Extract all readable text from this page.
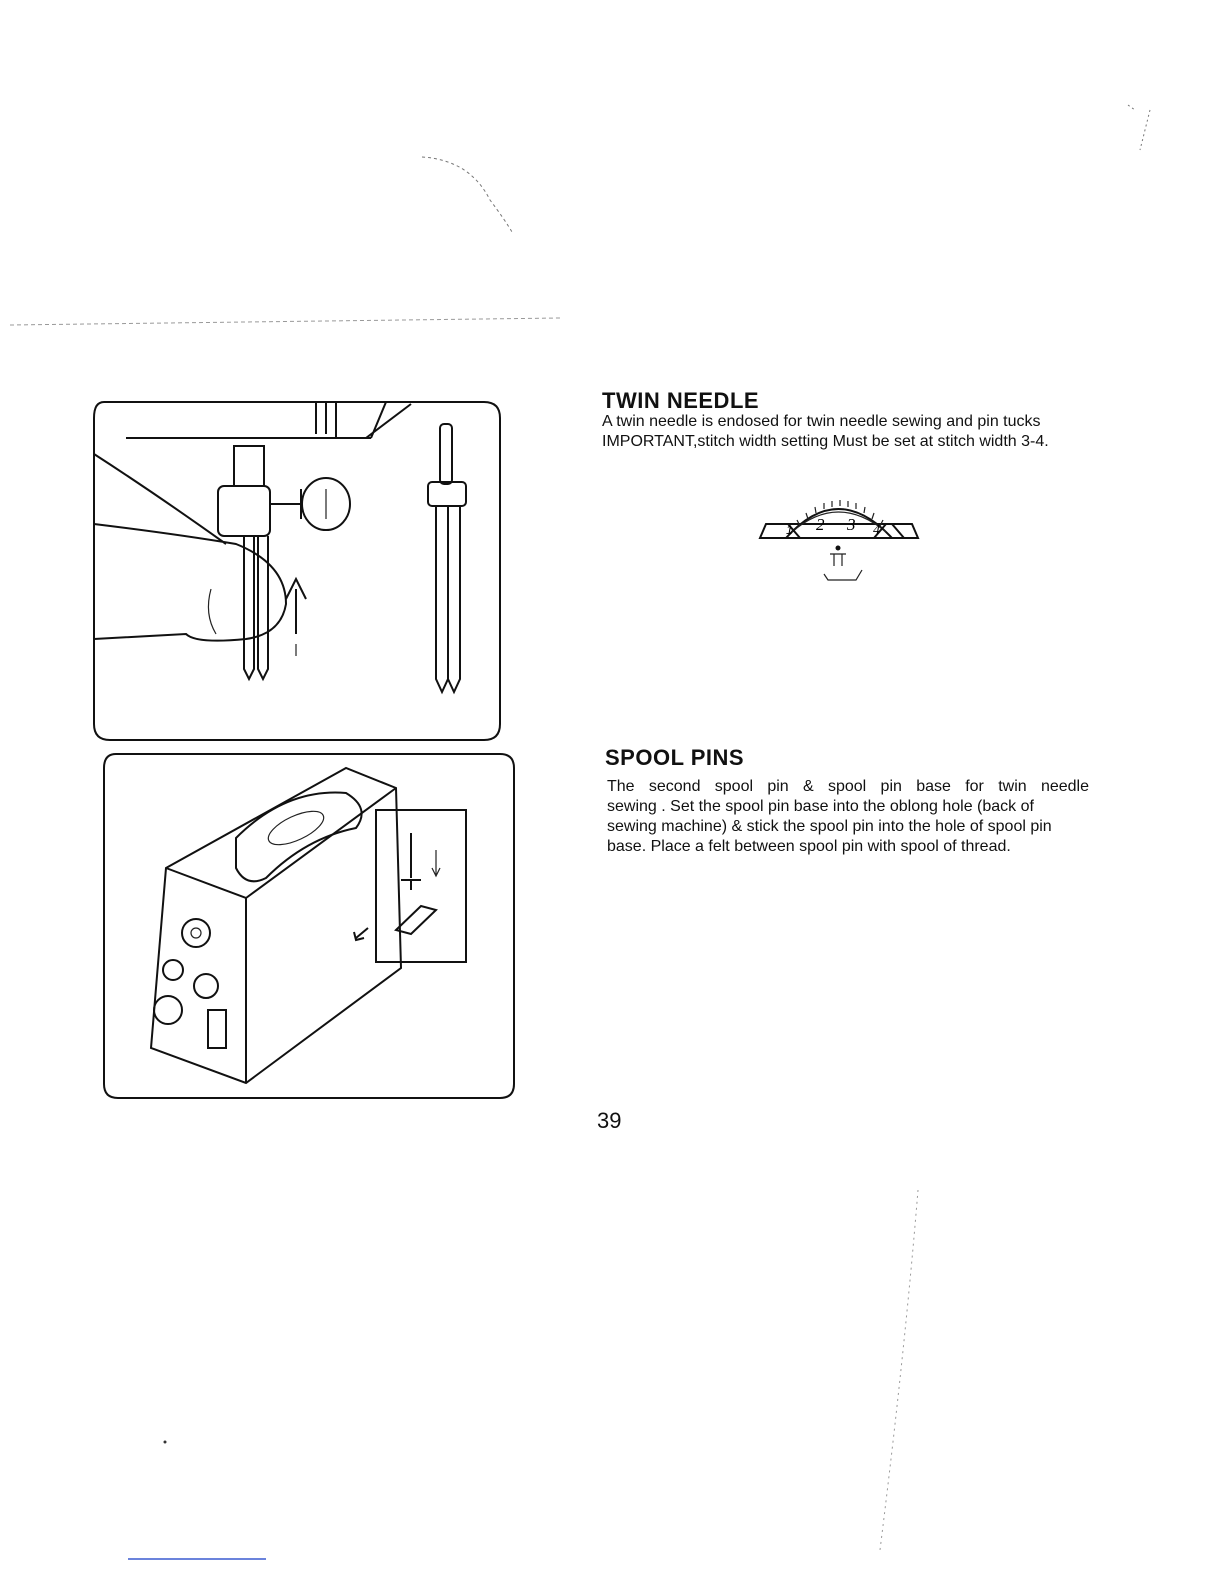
TWIN NEEDLE
A twin needle is endosed for twin needle sewing and pin tucks
IMPORTANT,stitch width setting Must be set at stitch width 3-4.
1 2 3 4
SPOOL PINS
The second spool pin & spool pin base for twin needle
sewing . Set the spool pin base into the oblong hole (back of
sewing machine) & stick the spool pin into the hole of spool pin
base. Place a felt between spool pin with spool of thread.
39
